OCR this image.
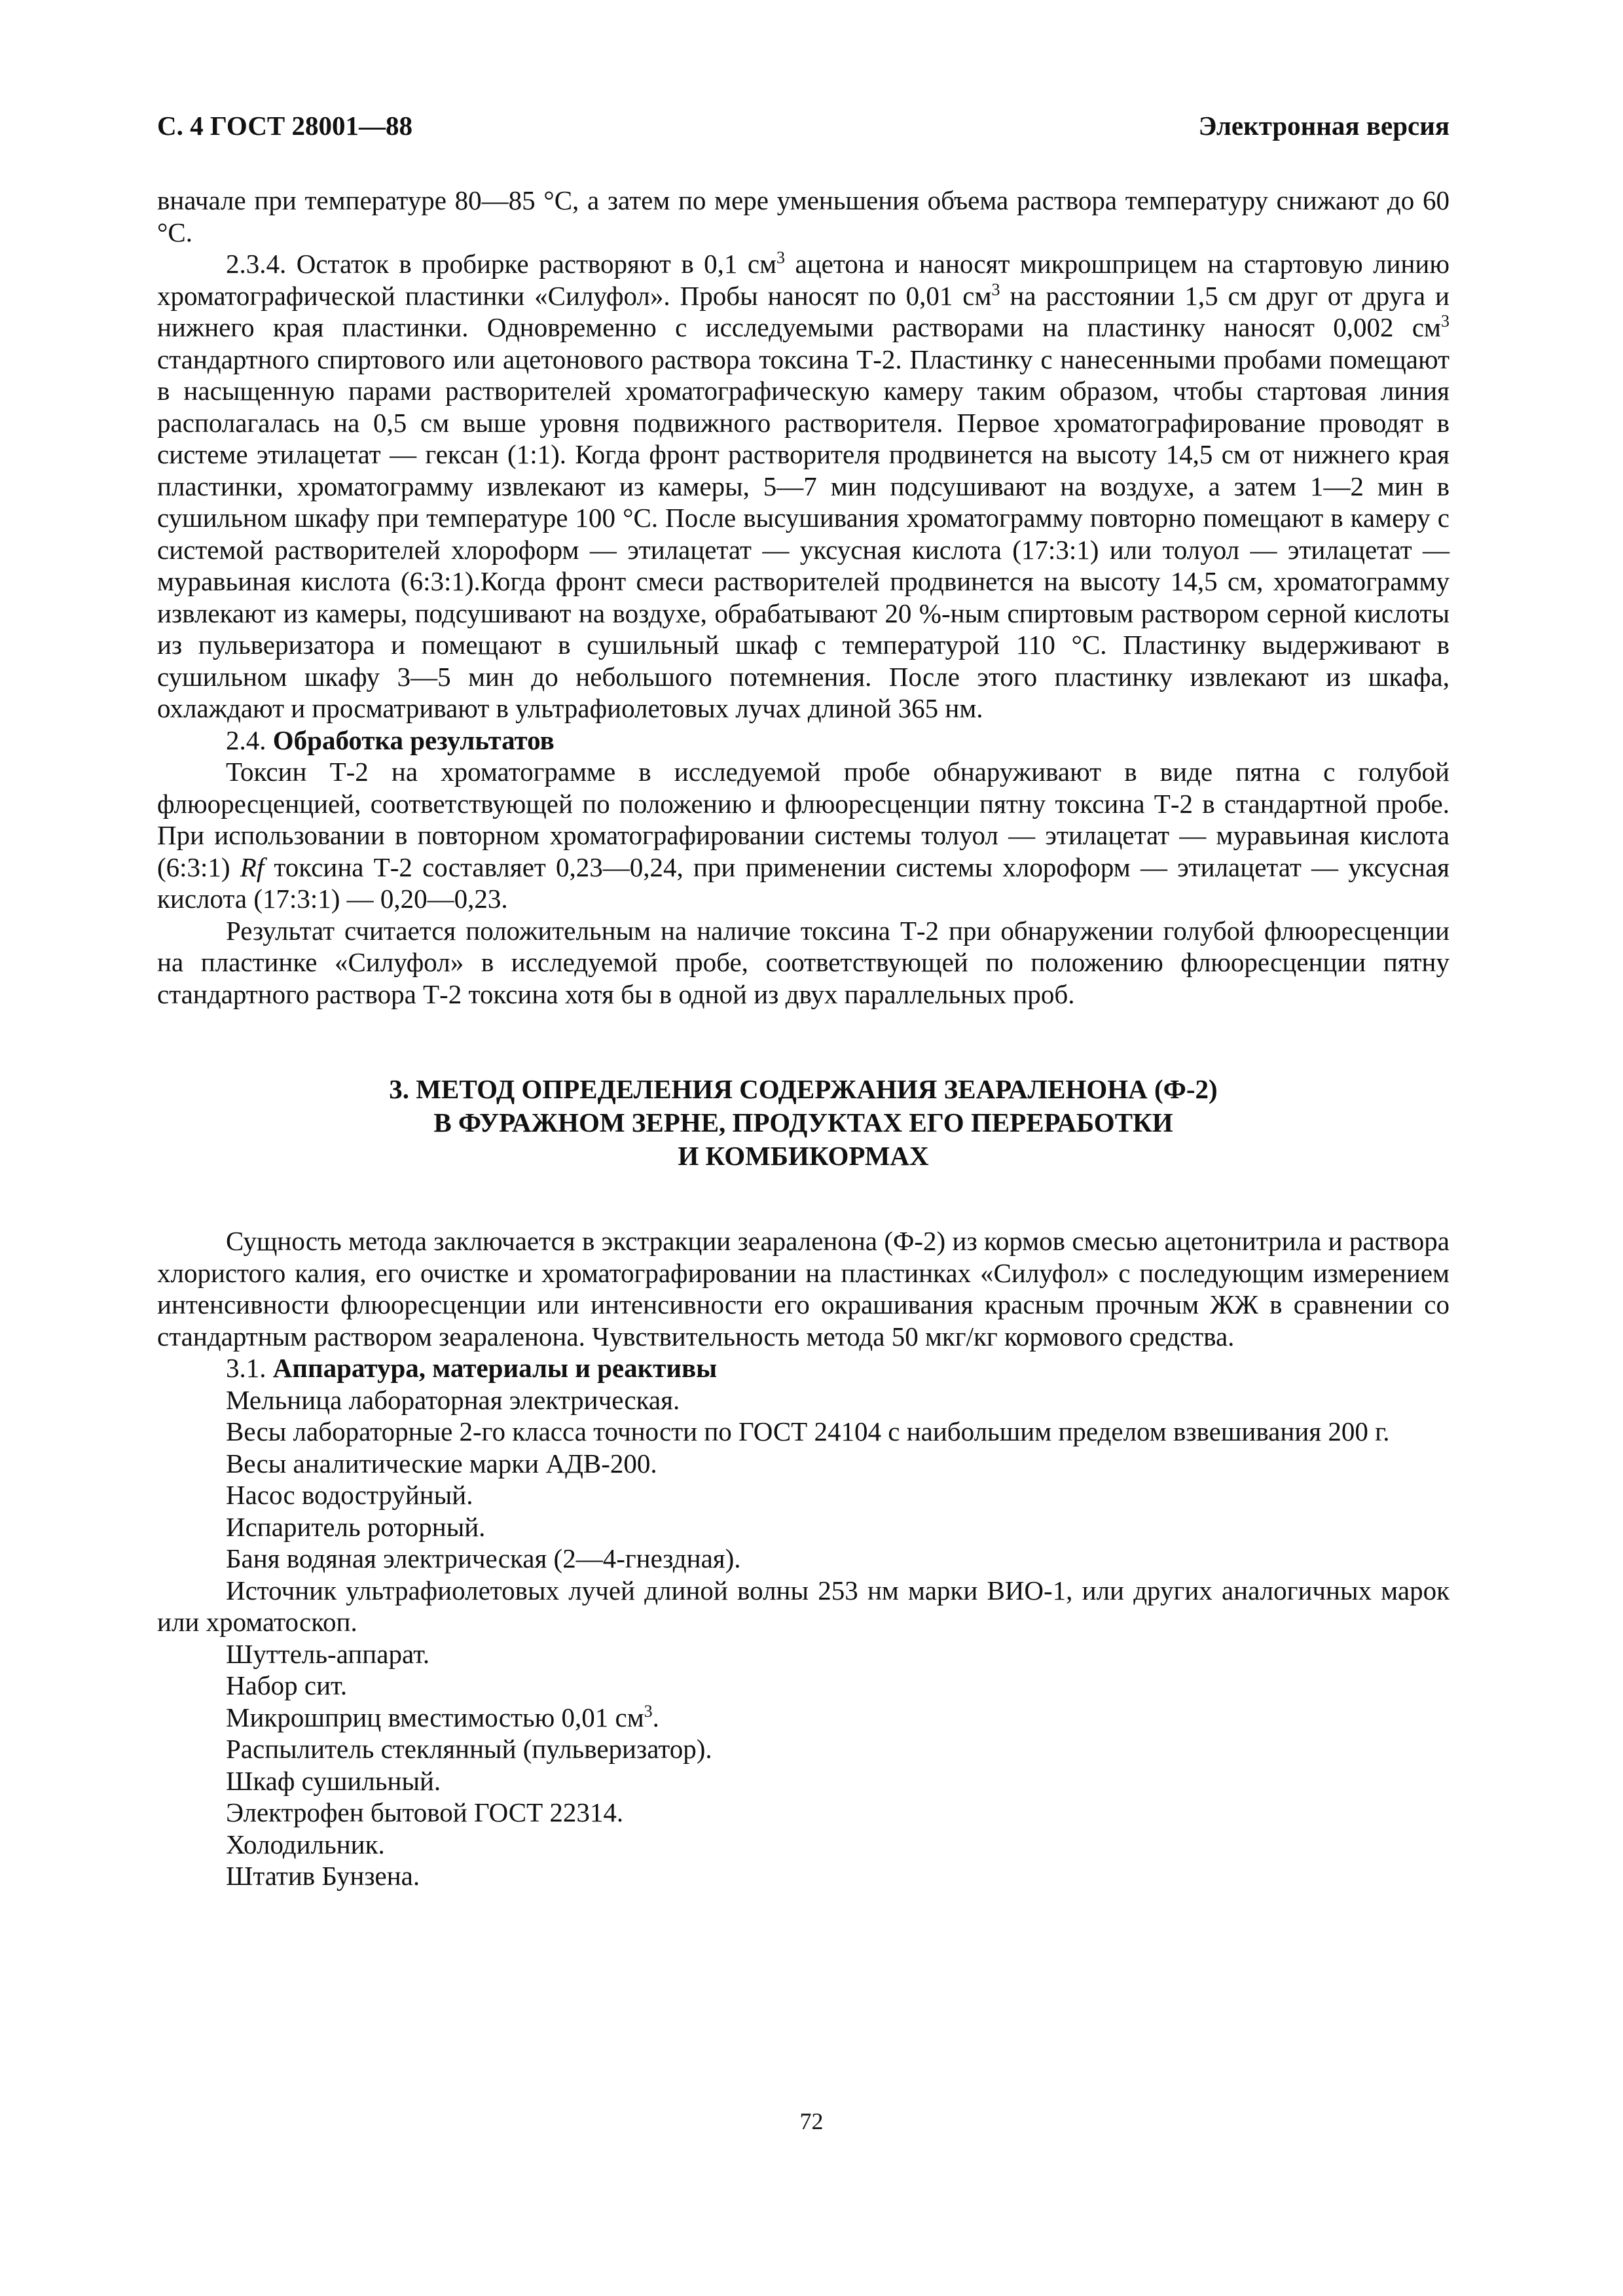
С. 4 ГОСТ 28001—88	Электронная версия

вначале при температуре 80—85 °С, а затем по мере уменьшения объема раствора температуру снижают до 60 °С.

2.3.4. Остаток в пробирке растворяют в 0,1 $см^3$ ацетона и наносят микрошприцем на стартовую линию хроматографической пластинки «Силуфол». Пробы наносят по 0,01 $см^3$ на расстоянии 1,5 см друг от друга и нижнего края пластинки. Одновременно с исследуемыми растворами на пластинку наносят 0,002 $см^3$ стандартного спиртового или ацетонового раствора токсина Т-2. Пластинку с нанесенными пробами помещают в насыщенную парами растворителей хроматографическую камеру таким образом, чтобы стартовая линия располагалась на 0,5 см выше уровня подвижного растворителя. Первое хроматографирование проводят в системе этилацетат — гексан (1:1). Когда фронт растворителя продвинется на высоту 14,5 см от нижнего края пластинки, хроматограмму извлекают из камеры, 5—7 мин подсушивают на воздухе, а затем 1—2 мин в сушильном шкафу при температуре 100 °С. После высушивания хроматограмму повторно помещают в камеру с системой растворителей хлороформ — этилацетат — уксусная кислота (17:3:1) или толуол — этилацетат — муравьиная кислота (6:3:1).Когда фронт смеси растворителей продвинется на высоту 14,5 см, хроматограмму извлекают из камеры, подсушивают на воздухе, обрабатывают 20 %-ным спиртовым раствором серной кислоты из пульверизатора и помещают в сушильный шкаф с температурой 110 °С. Пластинку выдерживают в сушильном шкафу 3—5 мин до небольшого потемнения. После этого пластинку извлекают из шкафа, охлаждают и просматривают в ультрафиолетовых лучах длиной 365 нм.

2.4. Обработка результатов

Токсин Т-2 на хроматограмме в исследуемой пробе обнаруживают в виде пятна с голубой флюоресценцией, соответствующей по положению и флюоресценции пятну токсина Т-2 в стандартной пробе. При использовании в повторном хроматографировании системы толуол — этилацетат — муравьиная кислота (6:3:1) Rf токсина Т-2 составляет 0,23—0,24, при применении системы хлороформ — этилацетат — уксусная кислота (17:3:1) — 0,20—0,23.

Результат считается положительным на наличие токсина Т-2 при обнаружении голубой флюоресценции на пластинке «Силуфол» в исследуемой пробе, соответствующей по положению флюоресценции пятну стандартного раствора Т-2 токсина хотя бы в одной из двух параллельных проб.

3. МЕТОД ОПРЕДЕЛЕНИЯ СОДЕРЖАНИЯ ЗЕАРАЛЕНОНА (Ф-2)
В ФУРАЖНОМ ЗЕРНЕ, ПРОДУКТАХ ЕГО ПЕРЕРАБОТКИ
И КОМБИКОРМАХ

Сущность метода заключается в экстракции зеараленона (Ф-2) из кормов смесью ацетонитрила и раствора хлористого калия, его очистке и хроматографировании на пластинках «Силуфол» с последующим измерением интенсивности флюоресценции или интенсивности его окрашивания красным прочным ЖЖ в сравнении со стандартным раствором зеараленона. Чувствительность метода 50 мкг/кг кормового средства.

3.1. Аппаратура, материалы и реактивы

Мельница лабораторная электрическая.

Весы лабораторные 2-го класса точности по ГОСТ 24104 с наибольшим пределом взвешивания 200 г.

Весы аналитические марки АДВ-200.

Насос водоструйный.

Испаритель роторный.

Баня водяная электрическая (2—4-гнездная).

Источник ультрафиолетовых лучей длиной волны 253 нм марки ВИО-1, или других аналогичных марок или хроматоскоп.

Шуттель-аппарат.

Набор сит.

Микрошприц вместимостью 0,01 $см^3$.

Распылитель стеклянный (пульверизатор).

Шкаф сушильный.

Электрофен бытовой ГОСТ 22314.

Холодильник.

Штатив Бунзена.

72
